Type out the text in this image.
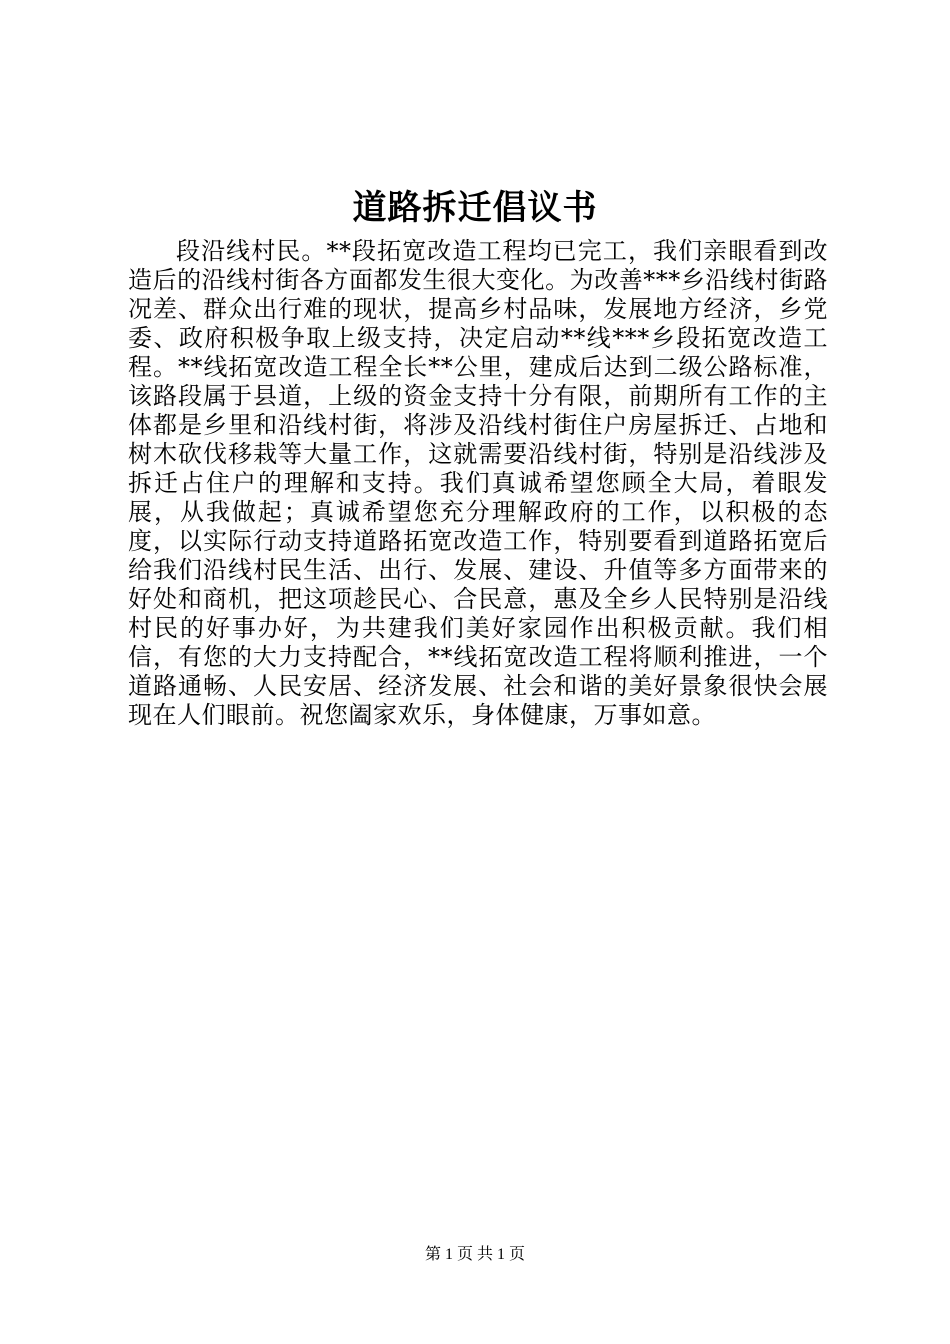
道路拆迁倡议书

段沿线村民。**段拓宽改造工程均已完工，我们亲眼看到改造后的沿线村街各方面都发生很大变化。为改善***乡沿线村街路况差、群众出行难的现状，提高乡村品味，发展地方经济，乡党委、政府积极争取上级支持，决定启动**线***乡段拓宽改造工程。**线拓宽改造工程全长**公里，建成后达到二级公路标准，该路段属于县道，上级的资金支持十分有限，前期所有工作的主体都是乡里和沿线村街，将涉及沿线村街住户房屋拆迁、占地和树木砍伐移栽等大量工作，这就需要沿线村街，特别是沿线涉及拆迁占住户的理解和支持。我们真诚希望您顾全大局，着眼发展，从我做起；真诚希望您充分理解政府的工作，以积极的态度，以实际行动支持道路拓宽改造工作，特别要看到道路拓宽后给我们沿线村民生活、出行、发展、建设、升值等多方面带来的好处和商机，把这项趁民心、合民意，惠及全乡人民特别是沿线村民的好事办好，为共建我们美好家园作出积极贡献。我们相信，有您的大力支持配合，**线拓宽改造工程将顺利推进，一个道路通畅、人民安居、经济发展、社会和谐的美好景象很快会展现在人们眼前。祝您阖家欢乐，身体健康，万事如意。

第 1 页 共 1 页
